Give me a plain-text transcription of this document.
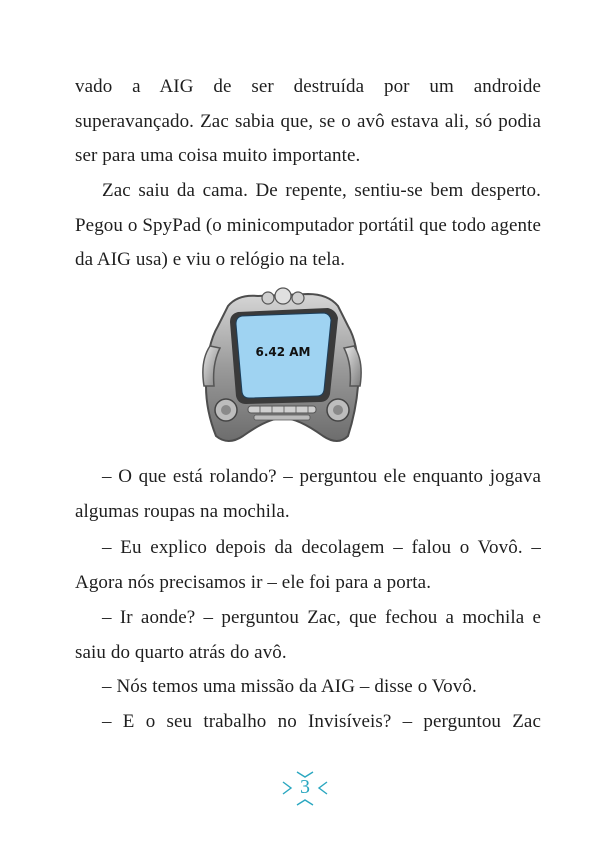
vado a AIG de ser destruída por um androide superavançado. Zac sabia que, se o avô estava ali, só podia ser para uma coisa muito importante.

Zac saiu da cama. De repente, sentiu-se bem desperto. Pegou o SpyPad (o minicomputador portátil que todo agente da AIG usa) e viu o relógio na tela.

6.42 AM

– O que está rolando? – perguntou ele enquanto jogava algumas roupas na mochila.

– Eu explico depois da decolagem – falou o Vovô. – Agora nós precisamos ir – ele foi para a porta.

– Ir aonde? – perguntou Zac, que fechou a mochila e saiu do quarto atrás do avô.

– Nós temos uma missão da AIG – disse o Vovô.

– E o seu trabalho no Invisíveis? – perguntou Zac

3
